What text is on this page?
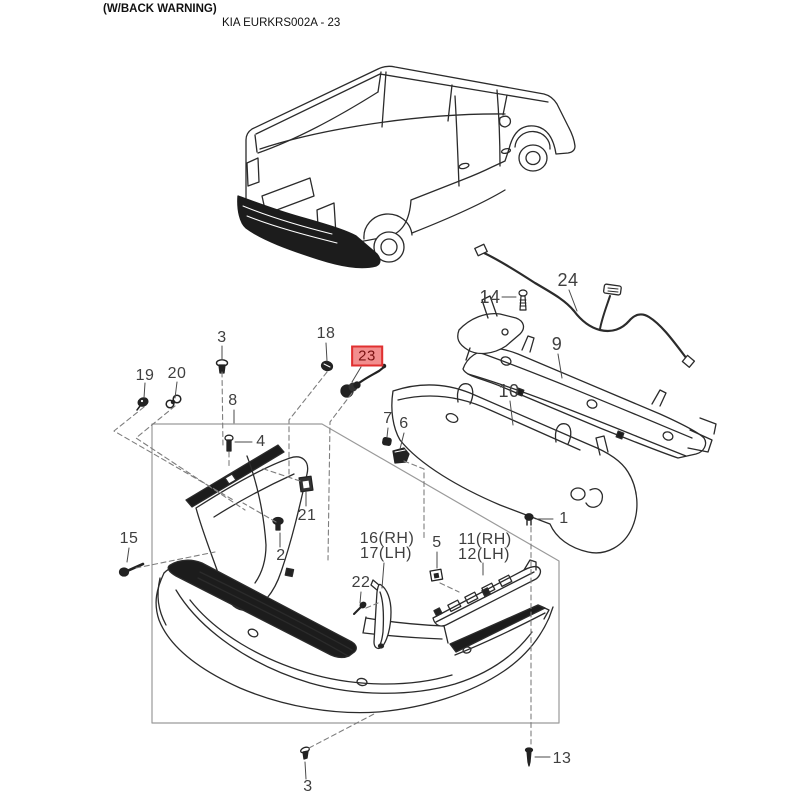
(W/BACK WARNING)
KIA EURKRS002A - 23
19 20
3	18
23
8
7 6
4
21
2
15
22
16(RH)
17(LH)
5 11(RH)
12(LH)
1
13
3
24
14
9
10
